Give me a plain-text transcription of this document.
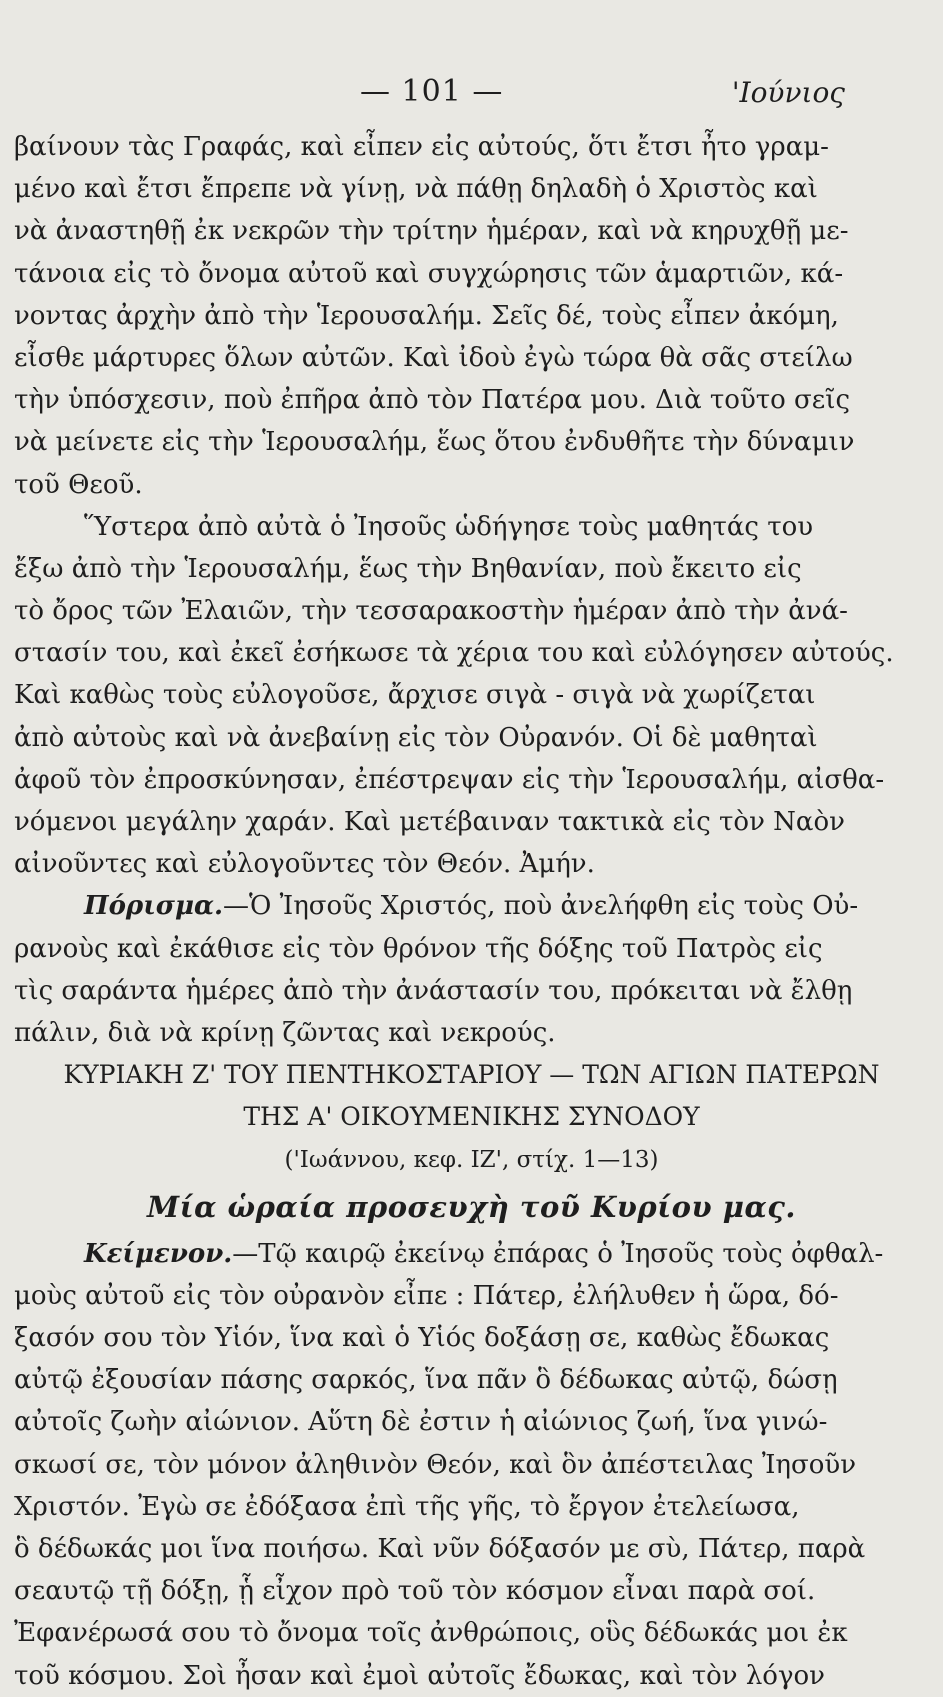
— 101 —	'Ιούνιος
βαίνουν τὰς Γραφάς, καὶ εἶπεν εἰς αὐτούς, ὅτι ἔτσι ἦτο γραμ-
μένο καὶ ἔτσι ἔπρεπε νὰ γίνῃ, νὰ πάθῃ δηλαδὴ ὁ Χριστὸς καὶ
νὰ ἀναστηθῇ ἐκ νεκρῶν τὴν τρίτην ἡμέραν, καὶ νὰ κηρυχθῇ με-
τάνοια εἰς τὸ ὄνομα αὐτοῦ καὶ συγχώρησις τῶν ἁμαρτιῶν, κά-
νοντας ἀρχὴν ἀπὸ τὴν Ἱερουσαλήμ. Σεῖς δέ, τοὺς εἶπεν ἀκόμη,
εἶσθε μάρτυρες ὅλων αὐτῶν. Καὶ ἰδοὺ ἐγὼ τώρα θὰ σᾶς στείλω
τὴν ὑπόσχεσιν, ποὺ ἐπῆρα ἀπὸ τὸν Πατέρα μου. Διὰ τοῦτο σεῖς
νὰ μείνετε εἰς τὴν Ἱερουσαλήμ, ἕως ὅτου ἐνδυθῆτε τὴν δύναμιν
τοῦ Θεοῦ.
Ὕστερα ἀπὸ αὐτὰ ὁ Ἰησοῦς ὡδήγησε τοὺς μαθητάς του
ἔξω ἀπὸ τὴν Ἱερουσαλήμ, ἕως τὴν Βηθανίαν, ποὺ ἔκειτο εἰς
τὸ ὄρος τῶν Ἐλαιῶν, τὴν τεσσαρακοστὴν ἡμέραν ἀπὸ τὴν ἀνά-
στασίν του, καὶ ἐκεῖ ἐσήκωσε τὰ χέρια του καὶ εὐλόγησεν αὐτούς.
Καὶ καθὼς τοὺς εὐλογοῦσε, ἄρχισε σιγὰ - σιγὰ νὰ χωρίζεται
ἀπὸ αὐτοὺς καὶ νὰ ἀνεβαίνῃ εἰς τὸν Οὐρανόν. Οἱ δὲ μαθηταὶ
ἀφοῦ τὸν ἐπροσκύνησαν, ἐπέστρεψαν εἰς τὴν Ἱερουσαλήμ, αἰσθα-
νόμενοι μεγάλην χαράν. Καὶ μετέβαιναν τακτικὰ εἰς τὸν Ναὸν
αἰνοῦντες καὶ εὐλογοῦντες τὸν Θεόν. Ἀμήν.
Πόρισμα.—Ὁ Ἰησοῦς Χριστός, ποὺ ἀνελήφθη εἰς τοὺς Οὐ-
ρανοὺς καὶ ἐκάθισε εἰς τὸν θρόνον τῆς δόξης τοῦ Πατρὸς εἰς
τὶς σαράντα ἡμέρες ἀπὸ τὴν ἀνάστασίν του, πρόκειται νὰ ἔλθῃ
πάλιν, διὰ νὰ κρίνῃ ζῶντας καὶ νεκρούς.
ΚΥΡΙΑΚΗ Ζ' ΤΟΥ ΠΕΝΤΗΚΟΣΤΑΡΙΟΥ — ΤΩΝ ΑΓΙΩΝ ΠΑΤΕΡΩΝ
ΤΗΣ Α' ΟΙΚΟΥΜΕΝΙΚΗΣ ΣΥΝΟΔΟΥ
('Ιωάννου, κεφ. ΙΖ', στίχ. 1—13)
Μία ὡραία προσευχὴ τοῦ Κυρίου μας.
Κείμενον.—Τῷ καιρῷ ἐκείνῳ ἐπάρας ὁ Ἰησοῦς τοὺς ὀφθαλ-
μοὺς αὐτοῦ εἰς τὸν οὐρανὸν εἶπε : Πάτερ, ἐλήλυθεν ἡ ὥρα, δό-
ξασόν σου τὸν Υἱόν, ἵνα καὶ ὁ Υἱός δοξάσῃ σε, καθὼς ἔδωκας
αὐτῷ ἐξουσίαν πάσης σαρκός, ἵνα πᾶν ὃ δέδωκας αὐτῷ, δώσῃ
αὐτοῖς ζωὴν αἰώνιον. Αὕτη δὲ ἐστιν ἡ αἰώνιος ζωή, ἵνα γινώ-
σκωσί σε, τὸν μόνον ἀληθινὸν Θεόν, καὶ ὃν ἀπέστειλας Ἰησοῦν
Χριστόν. Ἐγὼ σε ἐδόξασα ἐπὶ τῆς γῆς, τὸ ἔργον ἐτελείωσα,
ὃ δέδωκάς μοι ἵνα ποιήσω. Καὶ νῦν δόξασόν με σὺ, Πάτερ, παρὰ
σεαυτῷ τῇ δόξῃ, ᾗ εἶχον πρὸ τοῦ τὸν κόσμον εἶναι παρὰ σοί.
Ἐφανέρωσά σου τὸ ὄνομα τοῖς ἀνθρώποις, οὓς δέδωκάς μοι ἐκ
τοῦ κόσμου. Σοὶ ἦσαν καὶ ἐμοὶ αὐτοῖς ἔδωκας, καὶ τὸν λόγον
